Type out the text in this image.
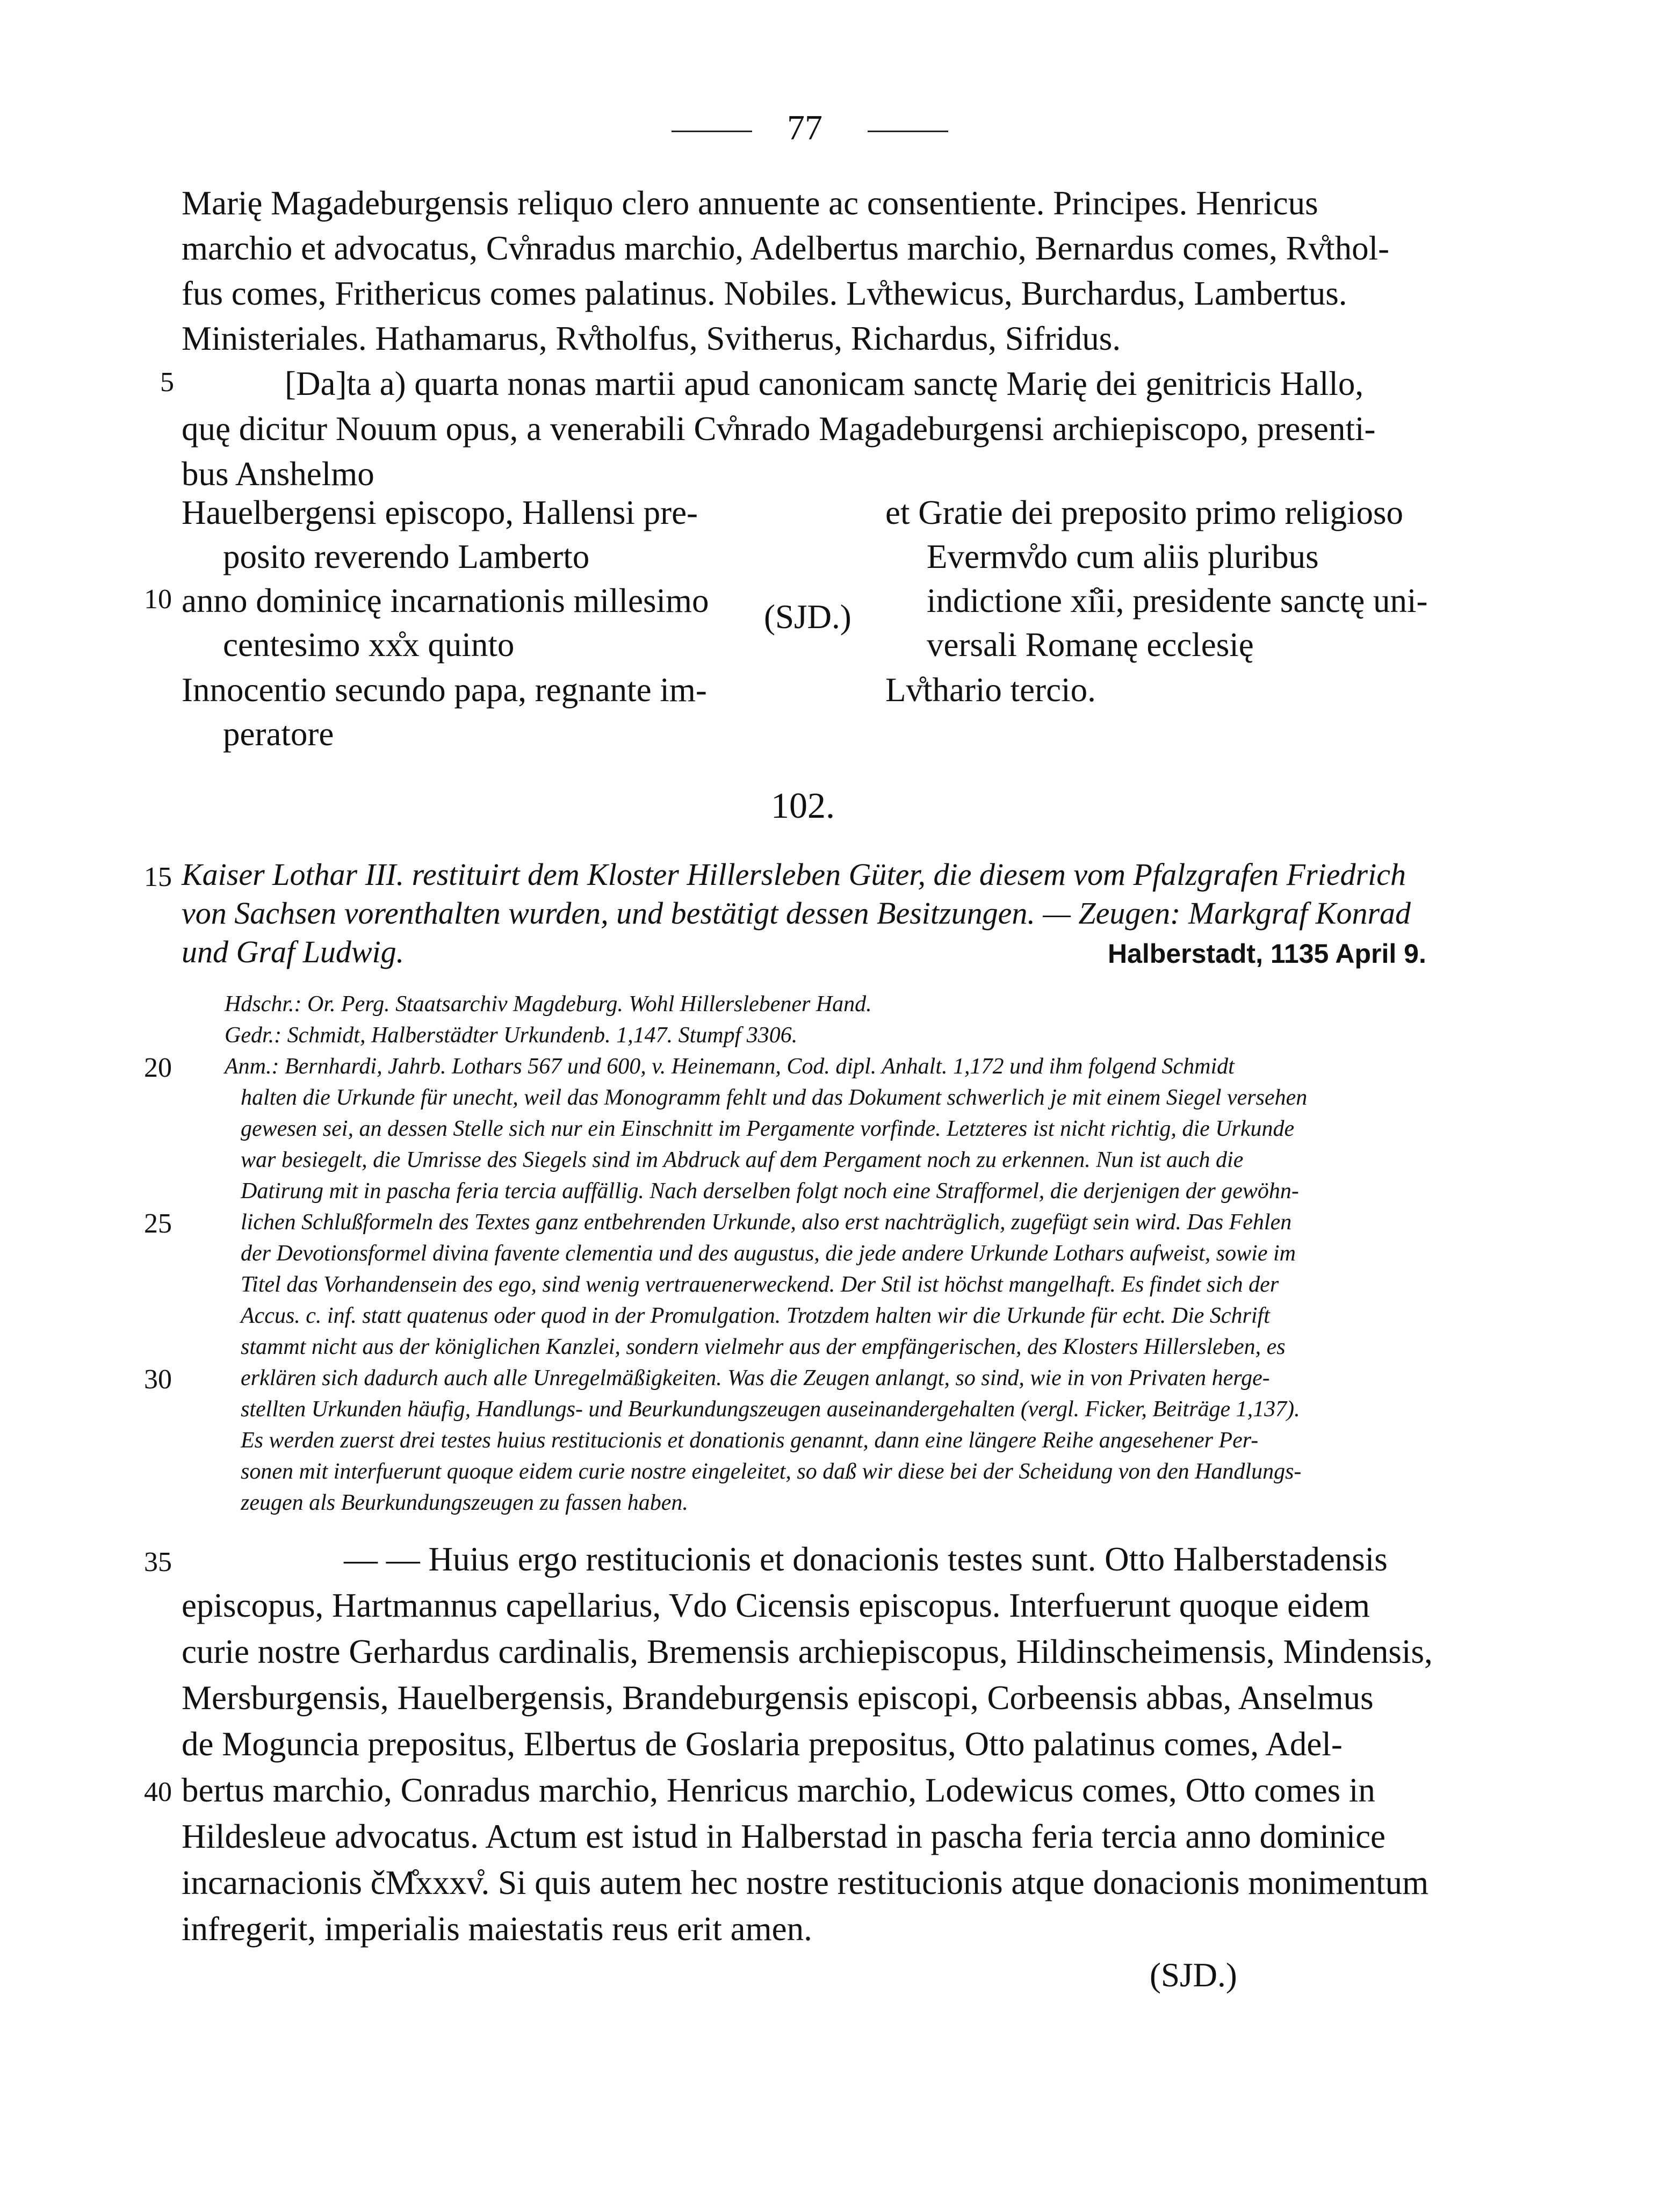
77
Marię Magadeburgensis reliquo clero annuente ac consentiente. Principes. Henricus
marchio et advocatus, Cv̊nradus marchio, Adelbertus marchio, Bernardus comes, Rv̊thol-
fus comes, Frithericus comes palatinus. Nobiles. Lv̊thewicus, Burchardus, Lambertus.
Ministeriales. Hathamarus, Rv̊tholfus, Svitherus, Richardus, Sifridus.
5	[Da]ta a) quarta nonas martii apud canonicam sanctę Marię dei genitricis Hallo,
quę dicitur Nouum opus, a venerabili Cv̊nrado Magadeburgensi archiepiscopo, presenti-
bus Anshelmo
Hauelbergensi episcopo, Hallensi pre-
posito reverendo Lamberto
10 anno dominicę incarnationis millesimo
centesimo xx̊x quinto
Innocentio secundo papa, regnante im-
peratore
(SJD.)
et Gratie dei preposito primo religioso
Evermv̊do cum aliis pluribus
indictione xi̊ii, presidente sanctę uni-
versali Romanę ecclesię
Lv̊thario tercio.
102.
15 Kaiser Lothar III. restituirt dem Kloster Hillersleben Güter, die diesem vom Pfalzgrafen Friedrich
von Sachsen vorenthalten wurden, und bestätigt dessen Besitzungen. — Zeugen: Markgraf Konrad
und Graf Ludwig.	Halberstadt, 1135 April 9.
Hdschr.: Or. Perg. Staatsarchiv Magdeburg. Wohl Hillerslebener Hand.
Gedr.: Schmidt, Halberstädter Urkundenb. 1,147. Stumpf 3306.
20 Anm.: Bernhardi, Jahrb. Lothars 567 und 600, v. Heinemann, Cod. dipl. Anhalt. 1,172 und ihm folgend Schmidt
halten die Urkunde für unecht, weil das Monogramm fehlt und das Dokument schwerlich je mit einem Siegel versehen
gewesen sei, an dessen Stelle sich nur ein Einschnitt im Pergamente vorfinde. Letzteres ist nicht richtig, die Urkunde
war besiegelt, die Umrisse des Siegels sind im Abdruck auf dem Pergament noch zu erkennen. Nun ist auch die
Datirung mit in pascha feria tercia auffällig. Nach derselben folgt noch eine Strafformel, die derjenigen der gewöhn-
25	lichen Schlußformeln des Textes ganz entbehrenden Urkunde, also erst nachträglich, zugefügt sein wird. Das Fehlen
der Devotionsformel divina favente clementia und des augustus, die jede andere Urkunde Lothars aufweist, sowie im
Titel das Vorhandensein des ego, sind wenig vertrauenerweckend. Der Stil ist höchst mangelhaft. Es findet sich der
Accus. c. inf. statt quatenus oder quod in der Promulgation. Trotzdem halten wir die Urkunde für echt. Die Schrift
stammt nicht aus der königlichen Kanzlei, sondern vielmehr aus der empfängerischen, des Klosters Hillersleben, es
30	erklären sich dadurch auch alle Unregelmäßigkeiten. Was die Zeugen anlangt, so sind, wie in von Privaten herge-
stellten Urkunden häufig, Handlungs- und Beurkundungszeugen auseinandergehalten (vergl. Ficker, Beiträge 1,137).
Es werden zuerst drei testes huius restitucionis et donationis genannt, dann eine längere Reihe angesehener Per-
sonen mit interfuerunt quoque eidem curie nostre eingeleitet, so daß wir diese bei der Scheidung von den Handlungs-
zeugen als Beurkundungszeugen zu fassen haben.
35	— — Huius ergo restitucionis et donacionis testes sunt. Otto Halberstadensis
episcopus, Hartmannus capellarius, Vdo Cicensis episcopus. Interfuerunt quoque eidem
curie nostre Gerhardus cardinalis, Bremensis archiepiscopus, Hildinscheimensis, Mindensis,
Mersburgensis, Hauelbergensis, Brandeburgensis episcopi, Corbeensis abbas, Anselmus
de Moguncia prepositus, Elbertus de Goslaria prepositus, Otto palatinus comes, Adel-
40 bertus marchio, Conradus marchio, Henricus marchio, Lodewicus comes, Otto comes in
Hildesleue advocatus. Actum est istud in Halberstad in pascha feria tercia anno dominice
incarnacionis čM̊xxxv̊. Si quis autem hec nostre restitucionis atque donacionis monimentum
infregerit, imperialis maiestatis reus erit amen.
(SJD.)
